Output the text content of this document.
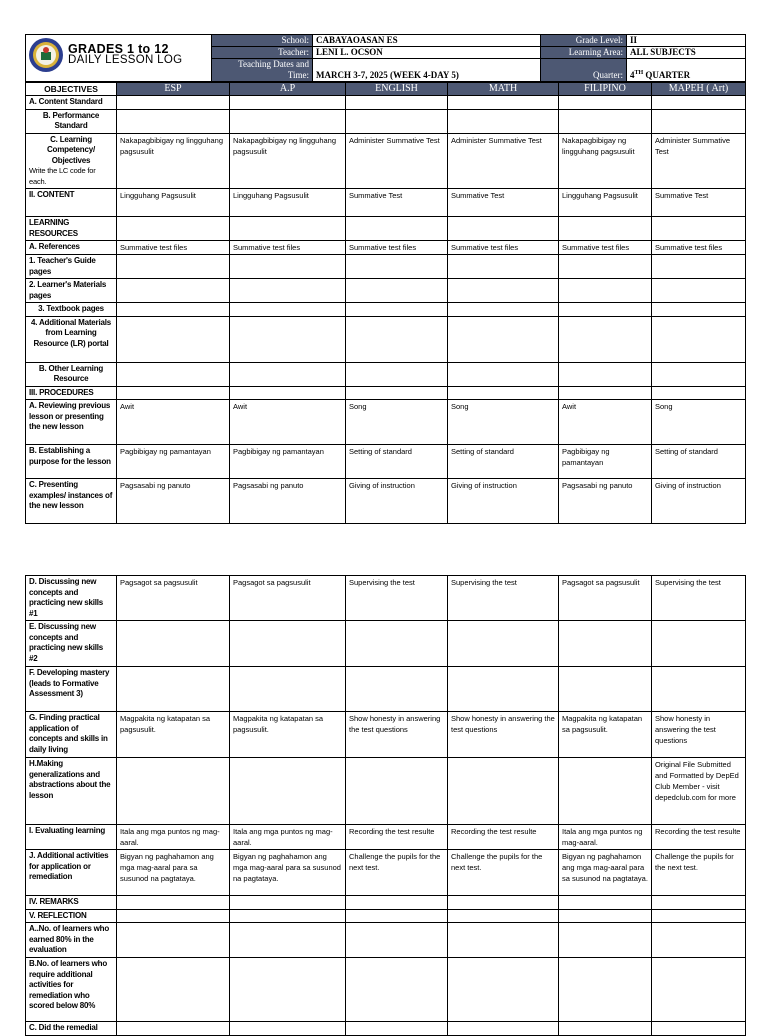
GRADES 1 to 12
DAILY LESSON LOG	School:	CABAYAOASAN ES	Grade Level:	II
	Teacher:	LENI L. OCSON	Learning Area:	ALL SUBJECTS

	Teaching Dates and
Time:	MARCH 3-7, 2025 (WEEK 4-DAY 5)	Quarter:	4TH QUARTER
OBJECTIVES	ESP	A.P	ENGLISH	MATH	FILIPINO	MAPEH ( Art)

A. Content Standard						

B. Performance Standard						

C. Learning Competency/ Objectives
Write the LC code for each.	Nakapagbibigay ng lingguhang pagsusulit	Nakapagbibigay ng lingguhang pagsusulit	Administer Summative Test	Administer Summative Test	Nakapagbibigay ng lingguhang pagsusulit	Administer Summative Test

II. CONTENT	Lingguhang Pagsusulit	Lingguhang Pagsusulit	Summative Test	Summative Test	Lingguhang Pagsusulit	Summative Test

LEARNING RESOURCES						

A. References	Summative test files	Summative test files	Summative test files	Summative test files	Summative test files	Summative test files

1. Teacher's Guide pages						

2. Learner's Materials pages						

3. Textbook pages						

4. Additional Materials from Learning Resource (LR) portal						

B. Other Learning Resource						

III. PROCEDURES						

A. Reviewing previous lesson or presenting the new lesson	Awit	Awit	Song	Song	Awit	Song

B. Establishing a purpose for the lesson	Pagbibigay ng pamantayan	Pagbibigay ng pamantayan	Setting of standard	Setting of standard	Pagbibigay ng pamantayan	Setting of standard

C. Presenting examples/ instances of the new lesson	Pagsasabi ng panuto	Pagsasabi ng panuto	Giving of instruction	Giving of instruction	Pagsasabi ng panuto	Giving of instruction
D. Discussing new concepts and practicing new skills #1	Pagsagot sa pagsusulit	Pagsagot sa pagsusulit	Supervising the test	Supervising the test	Pagsagot sa pagsusulit	Supervising the test

E. Discussing new concepts and practicing new skills #2						

F. Developing mastery (leads to Formative Assessment 3)						

G. Finding practical application of concepts and skills in daily living	Magpakita ng katapatan sa pagsusulit.	Magpakita ng katapatan sa pagsusulit.	Show honesty in answering the test questions	Show honesty in answering the test questions	Magpakita ng katapatan sa pagsusulit.	Show honesty in answering the test questions

H.Making generalizations and abstractions about the lesson						Original File Submitted and Formatted by DepEd Club Member - visit depedclub.com for more

I. Evaluating learning	Itala ang mga puntos ng mag-aaral.	Itala ang mga puntos ng mag-aaral.	Recording the test resulte	Recording the test resulte	Itala ang mga puntos ng mag-aaral.	Recording the test resulte

J. Additional activities for application or remediation	Bigyan ng paghahamon ang mga mag-aaral para sa susunod na pagtataya.	Bigyan ng paghahamon ang mga mag-aaral para sa susunod na pagtataya.	Challenge the pupils for the next test.	Challenge the pupils for the next test.	Bigyan ng paghahamon ang mga mag-aaral para sa susunod na pagtataya.	Challenge the pupils for the next test.

IV. REMARKS						

V. REFLECTION						

A..No. of learners who earned 80% in the evaluation						

B.No. of learners who require additional activities for remediation who scored below 80%						

C. Did the remedial						
